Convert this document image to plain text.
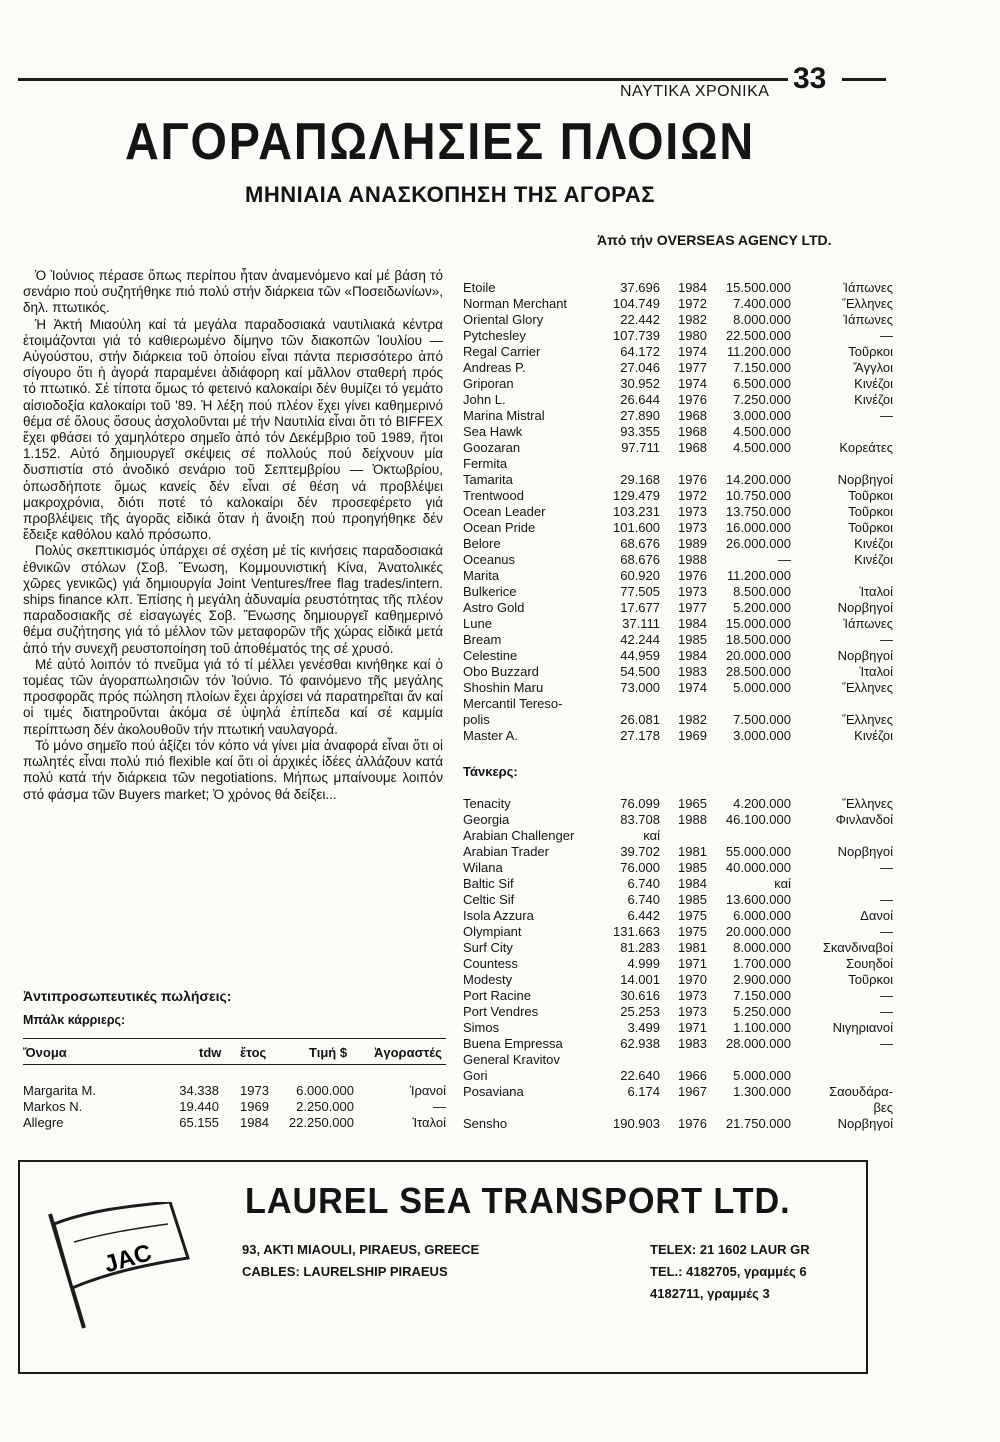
ΝΑΥΤΙΚΑ ΧΡΟΝΙΚΑ 33
ΑΓΟΡΑΠΩΛΗΣΙΕΣ ΠΛΟΙΩΝ
ΜΗΝΙΑΙΑ ΑΝΑΣΚΟΠΗΣΗ ΤΗΣ ΑΓΟΡΑΣ
Ἀπό τήν OVERSEAS AGENCY LTD.

Ὁ Ἰούνιος πέρασε ὅπως περίπου ἦταν ἀναμενόμενο καί μέ βάση τό σενάριο πού συζητήθηκε πιό πολύ στήν διάρκεια τῶν «Ποσειδωνίων», δηλ. πτωτικός.

Ἡ Ἀκτή Μιαούλη καί τά μεγάλα παραδοσιακά ναυτιλιακά κέντρα ἑτοιμάζονται γιά τό καθιερωμένο δίμηνο τῶν διακοπῶν Ἰουλίου — Αὐγούστου, στήν διάρκεια τοῦ ὁποίου εἶναι πάντα περισσότερο ἀπό σίγουρο ὅτι ἡ ἀγορά παραμένει ἀδιάφορη καί μᾶλλον σταθερή πρός τό πτωτικό. Σέ τίποτα ὅμως τό φετεινό καλοκαίρι δέν θυμίζει τό γεμάτο αἰσιοδοξία καλοκαίρι τοῦ '89. Ἡ λέξη πού πλέον ἔχει γίνει καθημερινό θέμα σέ ὅλους ὅσους ἀσχολοῦνται μέ τήν Ναυτιλία εἶναι ὅτι τό BIFFEX ἔχει φθάσει τό χαμηλότερο σημεῖο ἀπό τόν Δεκέμβριο τοῦ 1989, ἤτοι 1.152. Αὐτό δημιουργεῖ σκέψεις σέ πολλούς πού δείχνουν μία δυσπιστία στό ἀνοδικό σενάριο τοῦ Σεπτεμβρίου — Ὀκτωβρίου, ὁπωσδήποτε ὅμως κανείς δέν εἶναι σέ θέση νά προβλέψει μακροχρόνια, διότι ποτέ τό καλοκαίρι δέν προσεφέρετο γιά προβλέψεις τῆς ἀγορᾶς εἰδικά ὅταν ἡ ἄνοιξη πού προηγήθηκε δέν ἔδειξε καθόλου καλό πρόσωπο.

Πολύς σκεπτικισμός ὑπάρχει σέ σχέση μέ τίς κινήσεις παραδοσιακά ἐθνικῶν στόλων (Σοβ. Ἕνωση, Κομμουνιστική Κίνα, Ἀνατολικές χῶρες γενικῶς) γιά δημιουργία Joint Ventures/free flag trades/intern. ships finance κλπ. Ἐπίσης ἡ μεγάλη ἀδυναμία ρευστότητας τῆς πλέον παραδοσιακῆς σέ εἰσαγωγές Σοβ. Ἕνωσης δημιουργεῖ καθημερινό θέμα συζήτησης γιά τό μέλλον τῶν μεταφορῶν τῆς χώρας εἰδικά μετά ἀπό τήν συνεχῆ ρευστοποίηση τοῦ ἀποθέματός της σέ χρυσό.

Μέ αὐτό λοιπόν τό πνεῦμα γιά τό τί μέλλει γενέσθαι κινήθηκε καί ὁ τομέας τῶν ἀγοραπωλησιῶν τόν Ἰούνιο. Τό φαινόμενο τῆς μεγάλης προσφορᾶς πρός πώληση πλοίων ἔχει ἀρχίσει νά παρατηρεῖται ἄν καί οἱ τιμές διατηροῦνται ἀκόμα σέ ὑψηλά ἐπίπεδα καί σέ καμμία περίπτωση δέν ἀκολουθοῦν τήν πτωτική ναυλαγορά.

Τό μόνο σημεῖο πού ἀξίζει τόν κόπο νά γίνει μία ἀναφορά εἶναι ὅτι οἱ πωλητές εἶναι πολύ πιό flexible καί ὅτι οἱ ἀρχικές ἰδέες ἀλλάζουν κατά πολύ κατά τήν διάρκεια τῶν negotiations. Μήπως μπαίνουμε λοιπόν στό φάσμα τῶν Buyers market; Ὁ χρόνος θά δείξει...

Ἀντιπροσωπευτικές πωλήσεις:
Μπάλκ κάρριερς:
Ὄνομα	tdw ἔτος	Τιμή $ Ἀγοραστές
Margarita M.	34.338 1973 6.000.000	Ἰρανοί
Markos N.	19.440 1969 2.250.000	—
Allegre	65.155 1984 22.250.000	Ἰταλοί
Etoile	37.696 1984 15.500.000	Ἰάπωνες
Norman Merchant	104.749 1972 7.400.000	Ἕλληνες
Oriental Glory	22.442 1982 8.000.000	Ἰάπωνες
Pytchesley	107.739 1980 22.500.000	—
Regal Carrier	64.172 1974 11.200.000	Τοῦρκοι
Andreas P.	27.046 1977 7.150.000	Ἄγγλοι
Griporan	30.952 1974 6.500.000	Κινέζοι
John L.	26.644 1976 7.250.000	Κινέζοι
Marina Mistral	27.890 1968 3.000.000	—
Sea Hawk	93.355 1968 4.500.000
Goozaran	97.711 1968 4.500.000	Κορεάτες
Fermita
Tamarita	29.168 1976 14.200.000	Νορβηγοί
Trentwood	129.479 1972 10.750.000	Τοῦρκοι
Ocean Leader	103.231 1973 13.750.000	Τοῦρκοι
Ocean Pride	101.600 1973 16.000.000	Τοῦρκοι
Belore	68.676 1989 26.000.000	Κινέζοι
Oceanus	68.676 1988	—	Κινέζοι
Marita	60.920 1976 11.200.000
Bulkerice	77.505 1973 8.500.000	Ἰταλοί
Astro Gold	17.677 1977 5.200.000	Νορβηγοί
Lune	37.111 1984 15.000.000	Ἰάπωνες
Bream	42.244 1985 18.500.000	—
Celestine	44.959 1984 20.000.000	Νορβηγοί
Obo Buzzard	54.500 1983 28.500.000	Ἰταλοί
Shoshin Maru	73.000 1974 5.000.000	Ἕλληνες
Mercantil Tereso-
polis	26.081 1982 7.500.000	Ἕλληνες
Master A.	27.178 1969 3.000.000	Κινέζοι
Τάνκερς:
Tenacity	76.099 1965 4.200.000	Ἕλληνες
Georgia	83.708 1988 46.100.000	Φινλανδοί
Arabian Challenger	καί
Arabian Trader	39.702 1981 55.000.000	Νορβηγοί
Wilana	76.000 1985 40.000.000	—
Baltic Sif	6.740 1984	καί
Celtic Sif	6.740 1985 13.600.000	—
Isola Azzura	6.442 1975 6.000.000	Δανοί
Olympiant	131.663 1975 20.000.000	—
Surf City	81.283 1981 8.000.000 Σκανδιναβοί
Countess	4.999 1971 1.700.000	Σουηδοί
Modesty	14.001 1970 2.900.000	Τοῦρκοι
Port Racine	30.616 1973 7.150.000	—
Port Vendres	25.253 1973 5.250.000	—
Simos	3.499 1971 1.100.000	Νιγηριανοί
Buena Empressa	62.938 1983 28.000.000	—
General Kravitov
Gori	22.640 1966 5.000.000
Posaviana	6.174 1967 1.300.000	Σαουδάρα-
βες
Sensho	190.903 1976 21.750.000	Νορβηγοί
JAC
LAUREL SEA TRANSPORT LTD.
93, AKTI MIAOULI, PIRAEUS, GREECE
CABLES: LAURELSHIP PIRAEUS
TELEX: 21 1602 LAUR GR
TEL.: 4182705, γραμμές 6
4182711, γραμμές 3
